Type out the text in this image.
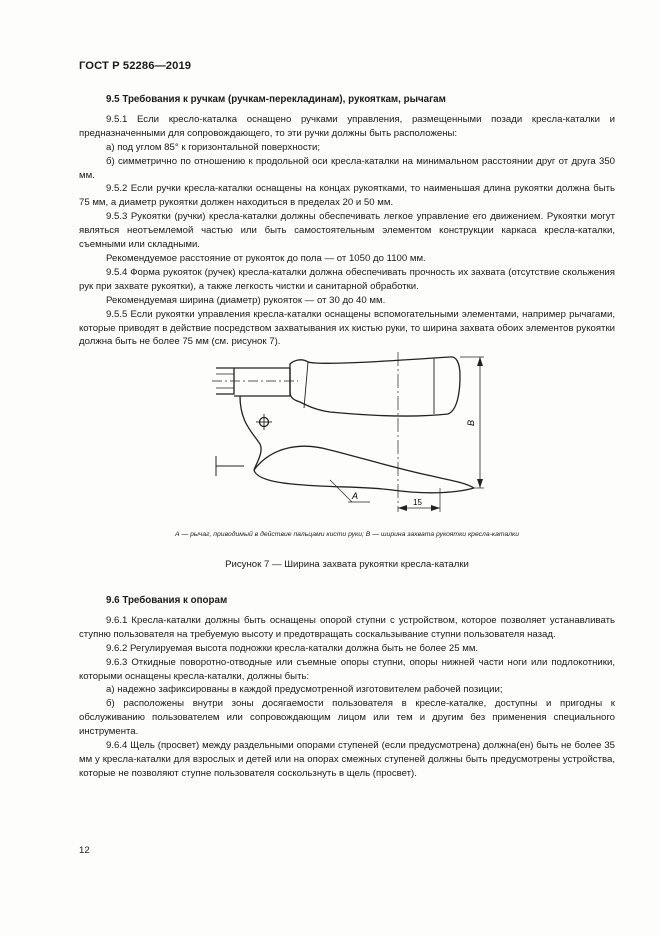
ГОСТ Р 52286—2019
9.5 Требования к ручкам (ручкам-перекладинам), рукояткам, рычагам

9.5.1 Если кресло-каталка оснащено ручками управления, размещенными позади кресла-каталки и предназначенными для сопровождающего, то эти ручки должны быть расположены:

а) под углом 85° к горизонтальной поверхности;

б) симметрично по отношению к продольной оси кресла-каталки на минимальном расстоянии друг от друга 350 мм.

9.5.2 Если ручки кресла-каталки оснащены на концах рукоятками, то наименьшая длина рукоятки должна быть 75 мм, а диаметр рукоятки должен находиться в пределах 20 и 50 мм.

9.5.3 Рукоятки (ручки) кресла-каталки должны обеспечивать легкое управление его движением. Рукоятки могут являться неотъемлемой частью или быть самостоятельным элементом конструкции каркаса кресла-каталки, съемными или складными.

Рекомендуемое расстояние от рукояток до пола — от 1050 до 1100 мм.

9.5.4 Форма рукояток (ручек) кресла-каталки должна обеспечивать прочность их захвата (отсутствие скольжения рук при захвате рукоятки), а также легкость чистки и санитарной обработки.

Рекомендуемая ширина (диаметр) рукояток — от 30 до 40 мм.

9.5.5 Если рукоятки управления кресла-каталки оснащены вспомогательными элементами, например рычагами, которые приводят в действие посредством захватывания их кистью руки, то ширина захвата обоих элементов рукоятки должна быть не более 75 мм (см. рисунок 7).

А
B
15
А — рычаг, приводимый в действие пальцами кисти руки; B — ширина захвата рукоятки кресла-каталки
Рисунок 7 — Ширина захвата рукоятки кресла-каталки
9.6 Требования к опорам

9.6.1 Кресла-каталки должны быть оснащены опорой ступни с устройством, которое позволяет устанавливать ступню пользователя на требуемую высоту и предотвращать соскальзывание ступни пользователя назад.

9.6.2 Регулируемая высота подножки кресла-каталки должна быть не более 25 мм.

9.6.3 Откидные поворотно-отводные или съемные опоры ступни, опоры нижней части ноги или подлокотники, которыми оснащены кресла-каталки, должны быть:

а) надежно зафиксированы в каждой предусмотренной изготовителем рабочей позиции;

б) расположены внутри зоны досягаемости пользователя в кресле-каталке, доступны и пригодны к обслуживанию пользователем или сопровождающим лицом или тем и другим без применения специального инструмента.

9.6.4 Щель (просвет) между раздельными опорами ступеней (если предусмотрена) должна(ен) быть не более 35 мм у кресла-каталки для взрослых и детей или на опорах смежных ступеней должны быть предусмотрены устройства, которые не позволяют ступне пользователя соскользнуть в щель (просвет).

12
